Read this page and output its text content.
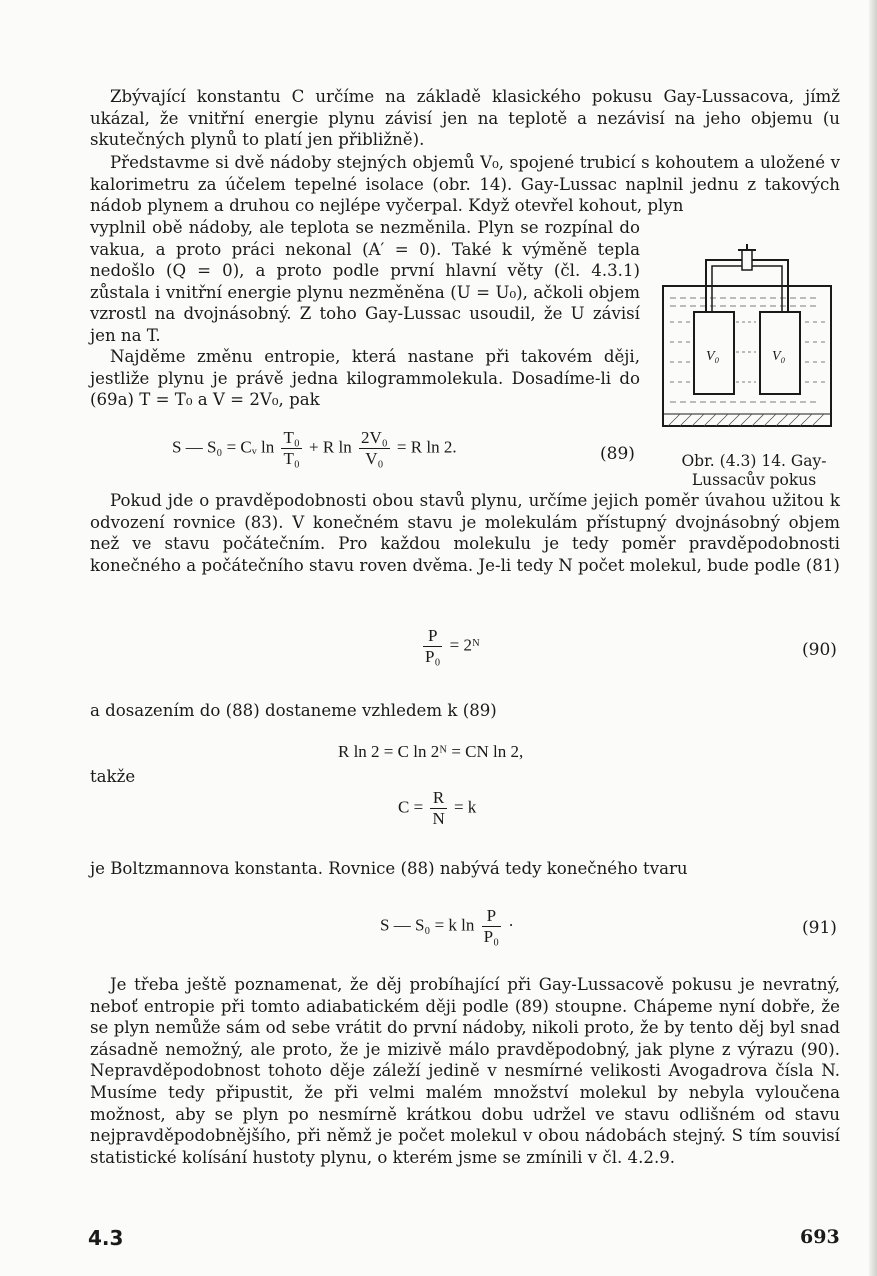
Zbývající konstantu C určíme na základě klasického pokusu Gay-Lussacova, jímž ukázal, že vnitřní energie plynu závisí jen na teplotě a nezávisí na jeho objemu (u skutečných plynů to platí jen přibližně).
Představme si dvě nádoby stejných objemů V₀, spojené trubicí s kohoutem a uložené v kalorimetru za účelem tepelné isolace (obr. 14). Gay-Lussac naplnil jednu z takových nádob plynem a druhou co nejlépe vyčerpal. Když otevřel kohout, plyn
vyplnil obě nádoby, ale teplota se nezměnila. Plyn se rozpínal do vakua, a proto práci nekonal (A′ = 0). Také k výměně tepla nedošlo (Q = 0), a proto podle první hlavní věty (čl. 4.3.1) zůstala i vnitřní energie plynu nezměněna (U = U₀), ačkoli objem vzrostl na dvojnásobný. Z toho Gay-Lussac usoudil, že U závisí jen na T.
Najděme změnu entropie, která nastane při takovém ději, jestliže plynu je právě jedna kilogrammolekula. Dosadíme-li do (69a) T = T₀ a V = 2V₀, pak
S — S₀ = Cᵥ $\ln \frac{\text{T₀}}{\text{T₀}} + R$ $\ln \frac{\text{2V₀}}{\text{V₀}} = R$ ln 2.	(89)
V₀	V₀
Obr. (4.3) 14. Gay-Lussacův pokus
Pokud jde o pravděpodobnosti obou stavů plynu, určíme jejich poměr úvahou užitou k odvození rovnice (83). V konečném stavu je molekulám přístupný dvojnásobný objem než ve stavu počátečním. Pro každou molekulu je tedy poměr pravděpodobnosti konečného a počátečního stavu roven dvěma. Je-li tedy N počet molekul, bude podle (81)
$\frac{P}{\text{P₀}}$ = 2ᴺ	(90)
a dosazením do (88) dostaneme vzhledem k (89)
R ln 2 = C ln 2ᴺ = CN ln 2,
takže
$C = \frac{R}{N} = k$
je Boltzmannova konstanta. Rovnice (88) nabývá tedy konečného tvaru
S — S₀ = k $\ln \frac{P}{\text{P₀}}$ ·	(91)
Je třeba ještě poznamenat, že děj probíhající při Gay-Lussacově pokusu je nevratný, neboť entropie při tomto adiabatickém ději podle (89) stoupne. Chápeme nyní dobře, že se plyn nemůže sám od sebe vrátit do první nádoby, nikoli proto, že by tento děj byl snad zásadně nemožný, ale proto, že je mizivě málo pravděpodobný, jak plyne z výrazu (90). Nepravděpodobnost tohoto děje záleží jedině v nesmírné velikosti Avogadrova čísla N. Musíme tedy připustit, že při velmi malém množství molekul by nebyla vyloučena možnost, aby se plyn po nesmírně krátkou dobu udržel ve stavu odlišném od stavu nejpravděpodobnějšího, při němž je počet molekul v obou nádobách stejný. S tím souvisí statistické kolísání hustoty plynu, o kterém jsme se zmínili v čl. 4.2.9.
4.3	693
